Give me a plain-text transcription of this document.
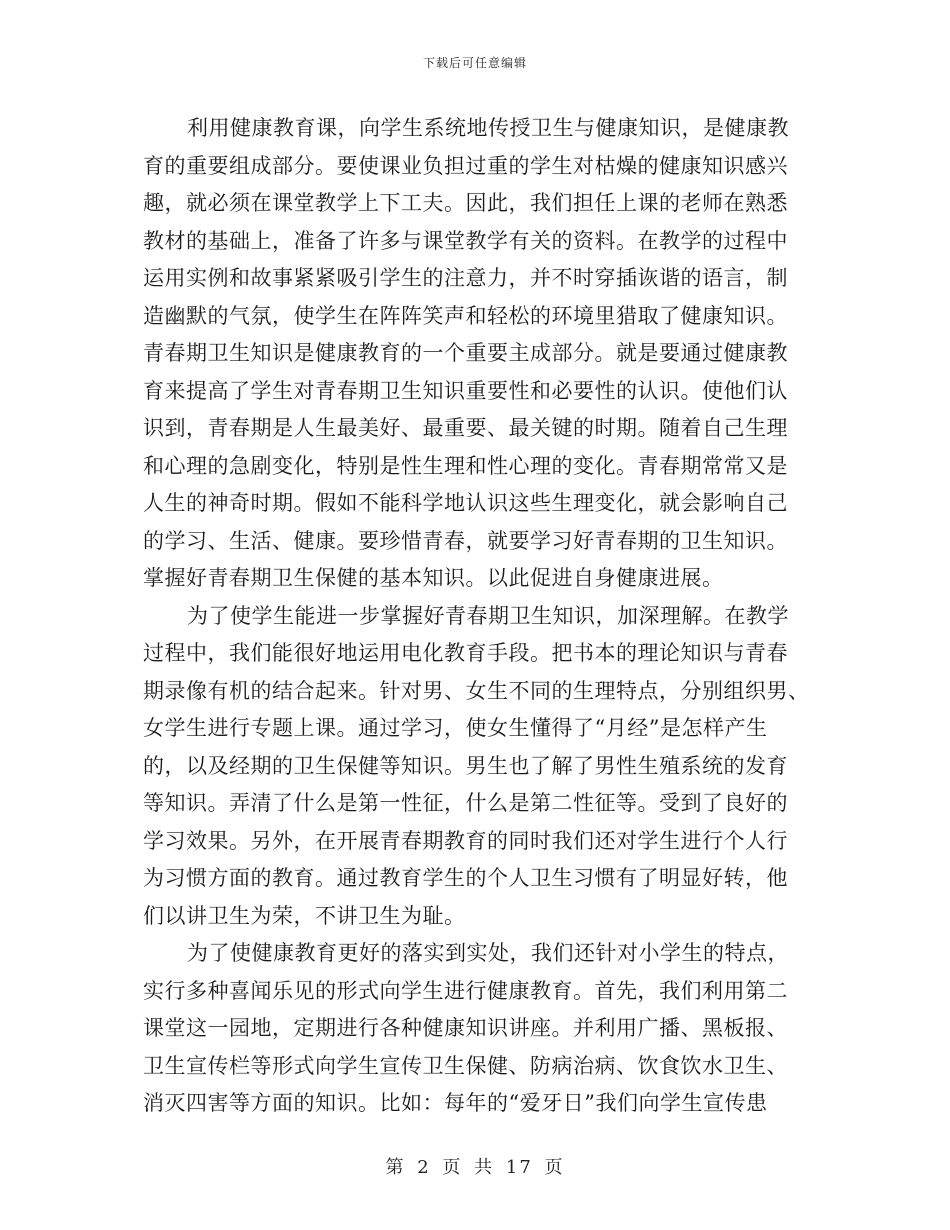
下载后可任意编辑
利用健康教育课，向学生系统地传授卫生与健康知识，是健康教
育的重要组成部分。要使课业负担过重的学生对枯燥的健康知识感兴
趣，就必须在课堂教学上下工夫。因此，我们担任上课的老师在熟悉
教材的基础上，准备了许多与课堂教学有关的资料。在教学的过程中
运用实例和故事紧紧吸引学生的注意力，并不时穿插诙谐的语言，制
造幽默的气氛，使学生在阵阵笑声和轻松的环境里猎取了健康知识。
青春期卫生知识是健康教育的一个重要主成部分。就是要通过健康教
育来提高了学生对青春期卫生知识重要性和必要性的认识。使他们认
识到，青春期是人生最美好、最重要、最关键的时期。随着自己生理
和心理的急剧变化，特别是性生理和性心理的变化。青春期常常又是
人生的神奇时期。假如不能科学地认识这些生理变化，就会影响自己
的学习、生活、健康。要珍惜青春，就要学习好青春期的卫生知识。
掌握好青春期卫生保健的基本知识。以此促进自身健康进展。
为了使学生能进一步掌握好青春期卫生知识，加深理解。在教学
过程中，我们能很好地运用电化教育手段。把书本的理论知识与青春
期录像有机的结合起来。针对男、女生不同的生理特点，分别组织男、
女学生进行专题上课。通过学习，使女生懂得了“月经”是怎样产生
的，以及经期的卫生保健等知识。男生也了解了男性生殖系统的发育
等知识。弄清了什么是第一性征，什么是第二性征等。受到了良好的
学习效果。另外，在开展青春期教育的同时我们还对学生进行个人行
为习惯方面的教育。通过教育学生的个人卫生习惯有了明显好转，他
们以讲卫生为荣，不讲卫生为耻。
为了使健康教育更好的落实到实处，我们还针对小学生的特点，
实行多种喜闻乐见的形式向学生进行健康教育。首先，我们利用第二
课堂这一园地，定期进行各种健康知识讲座。并利用广播、黑板报、
卫生宣传栏等形式向学生宣传卫生保健、防病治病、饮食饮水卫生、
消灭四害等方面的知识。比如：每年的“爱牙日”我们向学生宣传患
第 2 页 共 17 页
